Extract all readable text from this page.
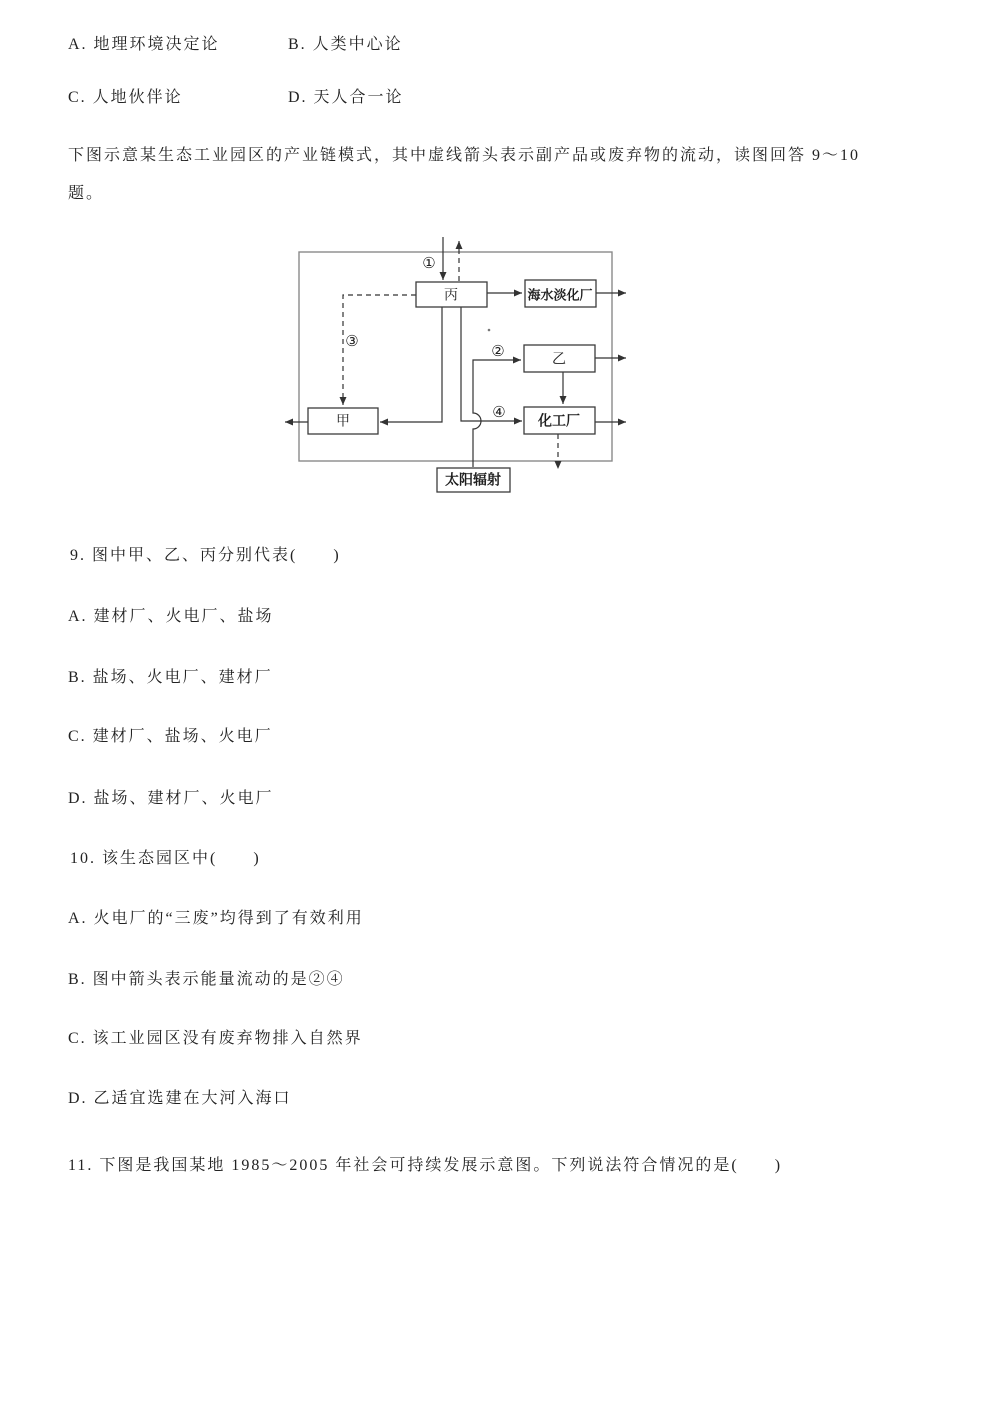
A. 地理环境决定论	B. 人类中心论
C. 人地伙伴论	D. 天人合一论
下图示意某生态工业园区的产业链模式，其中虚线箭头表示副产品或废弃物的流动，读图回答 9～10
题。
丙	海水淡化厂
乙
甲	化工厂
太阳辐射
①
②
③
④
9. 图中甲、乙、丙分别代表(　　)
A. 建材厂、火电厂、盐场
B. 盐场、火电厂、建材厂
C. 建材厂、盐场、火电厂
D. 盐场、建材厂、火电厂
10. 该生态园区中(　　)
A. 火电厂的“三废”均得到了有效利用
B. 图中箭头表示能量流动的是②④
C. 该工业园区没有废弃物排入自然界
D. 乙适宜选建在大河入海口
11. 下图是我国某地 1985～2005 年社会可持续发展示意图。下列说法符合情况的是(　　)
